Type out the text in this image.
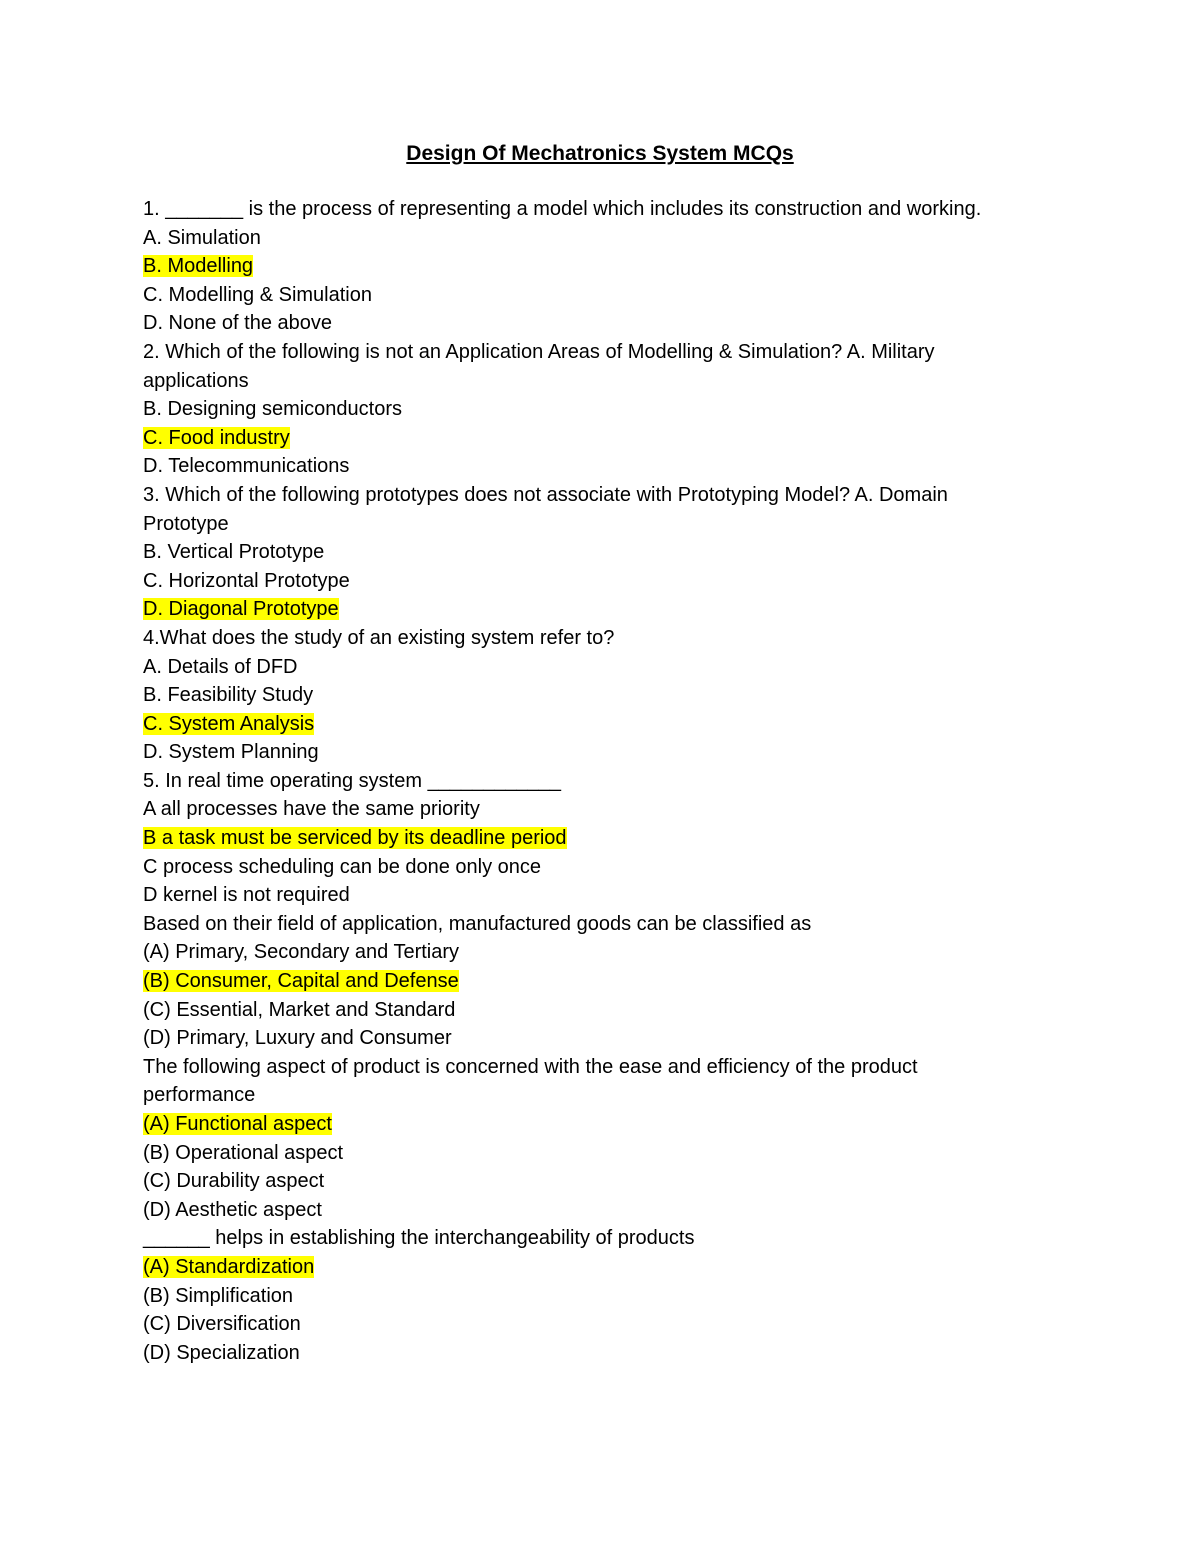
Design Of Mechatronics System MCQs
1. _______ is the process of representing a model which includes its construction and working.
A. Simulation
B. Modelling
C. Modelling & Simulation
D. None of the above
2. Which of the following is not an Application Areas of Modelling & Simulation? A. Military
applications
B. Designing semiconductors
C. Food industry
D. Telecommunications
3. Which of the following prototypes does not associate with Prototyping Model? A. Domain
Prototype
B. Vertical Prototype
C. Horizontal Prototype
D. Diagonal Prototype
4.What does the study of an existing system refer to?
A. Details of DFD
B. Feasibility Study
C. System Analysis
D. System Planning
5. In real time operating system ____________
A all processes have the same priority
B a task must be serviced by its deadline period
C process scheduling can be done only once
D kernel is not required
Based on their field of application, manufactured goods can be classified as
(A) Primary, Secondary and Tertiary
(B) Consumer, Capital and Defense
(C) Essential, Market and Standard
(D) Primary, Luxury and Consumer
The following aspect of product is concerned with the ease and efficiency of the product
performance
(A) Functional aspect
(B) Operational aspect
(C) Durability aspect
(D) Aesthetic aspect
______ helps in establishing the interchangeability of products
(A) Standardization
(B) Simplification
(C) Diversification
(D) Specialization
